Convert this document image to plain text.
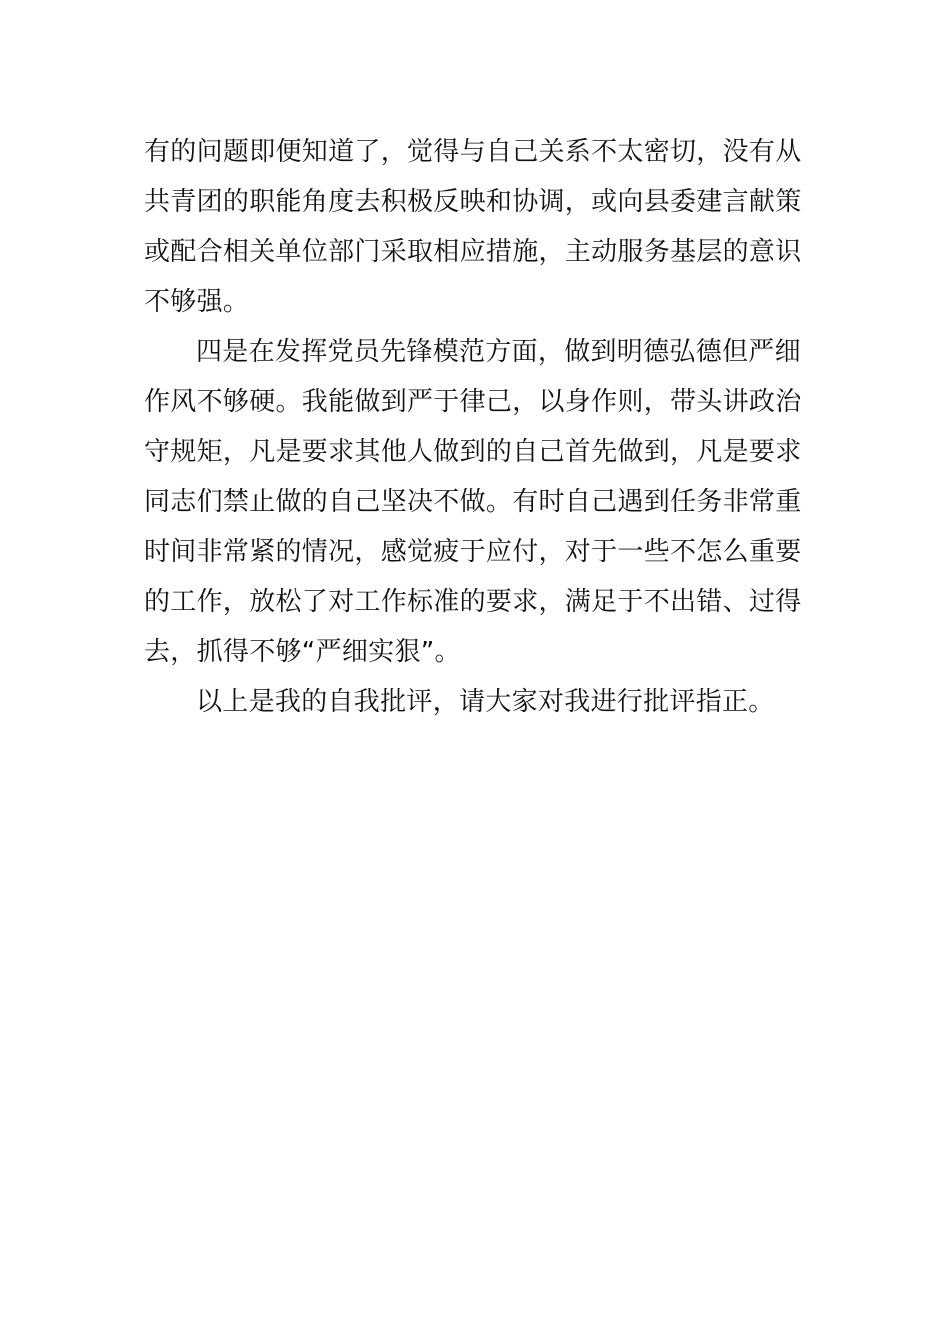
有的问题即便知道了，觉得与自己关系不太密切，没有从
共青团的职能角度去积极反映和协调，或向县委建言献策
或配合相关单位部门采取相应措施，主动服务基层的意识
不够强。
四是在发挥党员先锋模范方面，做到明德弘德但严细
作风不够硬。我能做到严于律己，以身作则，带头讲政治
守规矩，凡是要求其他人做到的自己首先做到，凡是要求
同志们禁止做的自己坚决不做。有时自己遇到任务非常重
时间非常紧的情况，感觉疲于应付，对于一些不怎么重要
的工作，放松了对工作标准的要求，满足于不出错、过得
去，抓得不够“严细实狠”。
以上是我的自我批评，请大家对我进行批评指正。
